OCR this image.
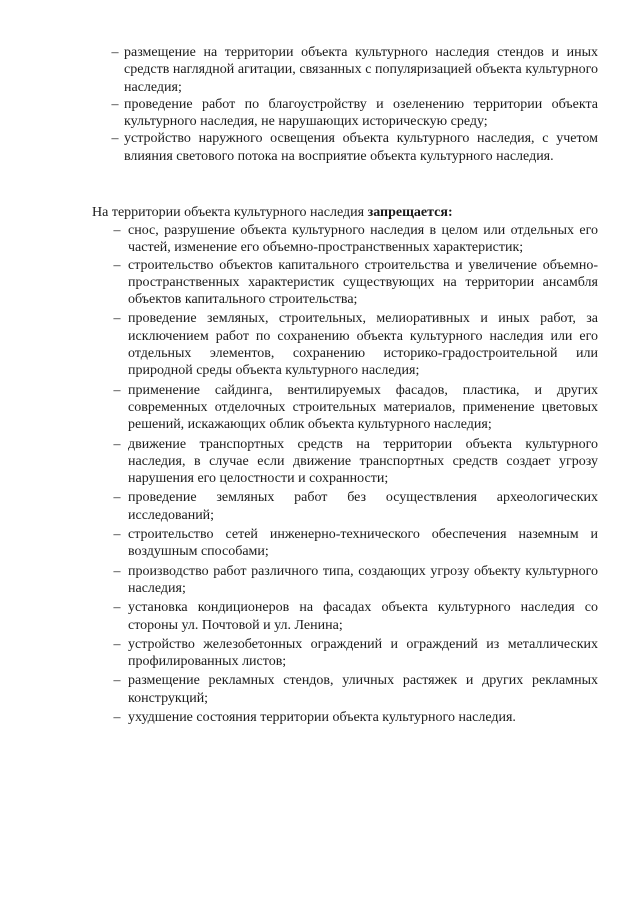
– размещение на территории объекта культурного наследия стендов и иных средств наглядной агитации, связанных с популяризацией объекта культурного наследия;
– проведение работ по благоустройству и озеленению территории объекта культурного наследия, не нарушающих историческую среду;
– устройство наружного освещения объекта культурного наследия, с учетом влияния светового потока на восприятие объекта культурного наследия.

На территории объекта культурного наследия запрещается:

– снос, разрушение объекта культурного наследия в целом или отдельных его частей, изменение его объемно-пространственных характеристик;
– строительство объектов капитального строительства и увеличение объемно-пространственных характеристик существующих на территории ансамбля объектов капитального строительства;
– проведение земляных, строительных, мелиоративных и иных работ, за исключением работ по сохранению объекта культурного наследия или его отдельных элементов, сохранению историко-градостроительной или природной среды объекта культурного наследия;
– применение сайдинга, вентилируемых фасадов, пластика, и других современных отделочных строительных материалов, применение цветовых решений, искажающих облик объекта культурного наследия;
– движение транспортных средств на территории объекта культурного наследия, в случае если движение транспортных средств создает угрозу нарушения его целостности и сохранности;
– проведение земляных работ без осуществления археологических исследований;
– строительство сетей инженерно-технического обеспечения наземным и воздушным способами;
– производство работ различного типа, создающих угрозу объекту культурного наследия;
– установка кондиционеров на фасадах объекта культурного наследия со стороны ул. Почтовой и ул. Ленина;
– устройство железобетонных ограждений и ограждений из металлических профилированных листов;
– размещение рекламных стендов, уличных растяжек и других рекламных конструкций;
– ухудшение состояния территории объекта культурного наследия.
